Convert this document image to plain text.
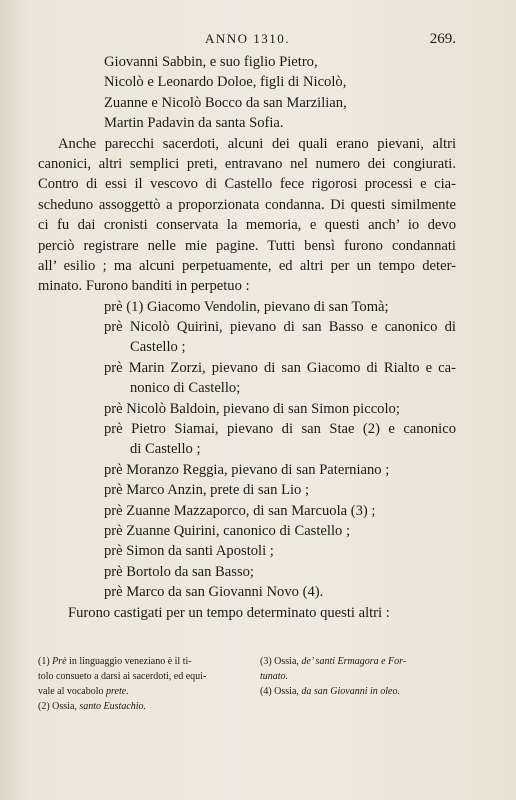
ANNO 1310.	269.
Giovanni Sabbin, e suo figlio Pietro,
Nicolò e Leonardo Doloe, figli di Nicolò,
Zuanne e Nicolò Bocco da san Marzilian,
Martin Padavin da santa Sofia.
Anche parecchi sacerdoti, alcuni dei quali erano pievani, altri
canonici, altri semplici preti, entravano nel numero dei congiurati.
Contro di essi il vescovo di Castello fece rigorosi processi e cia-
scheduno assoggettò a proporzionata condanna. Di questi similmente
ci fu dai cronisti conservata la memoria, e questi anch’ io devo
perciò registrare nelle mie pagine. Tutti bensì furono condannati
all’ esilio ; ma alcuni perpetuamente, ed altri per un tempo deter-
minato. Furono banditi in perpetuo :
prè (1) Giacomo Vendolin, pievano di san Tomà;
prè Nicolò Quirini, pievano di san Basso e canonico di
Castello ;
prè Marin Zorzi, pievano di san Giacomo di Rialto e ca-
nonico di Castello;
prè Nicolò Baldoin, pievano di san Simon piccolo;
prè Pietro Siamai, pievano di san Stae (2) e canonico
di Castello ;
prè Moranzo Reggia, pievano di san Paterniano ;
prè Marco Anzin, prete di san Lio ;
prè Zuanne Mazzaporco, di san Marcuola (3) ;
prè Zuanne Quirini, canonico di Castello ;
prè Simon da santi Apostoli ;
prè Bortolo da san Basso;
prè Marco da san Giovanni Novo (4).
Furono castigati per un tempo determinato questi altri :
(1) Prè in linguaggio veneziano è il ti-
tolo consueto a darsi ai sacerdoti, ed equi-
vale al vocabolo prete.
(2) Ossia, santo Eustachio.
(3) Ossia, de’ santi Ermagora e For-
tunato.
(4) Ossia, da san Giovanni in oleo.
